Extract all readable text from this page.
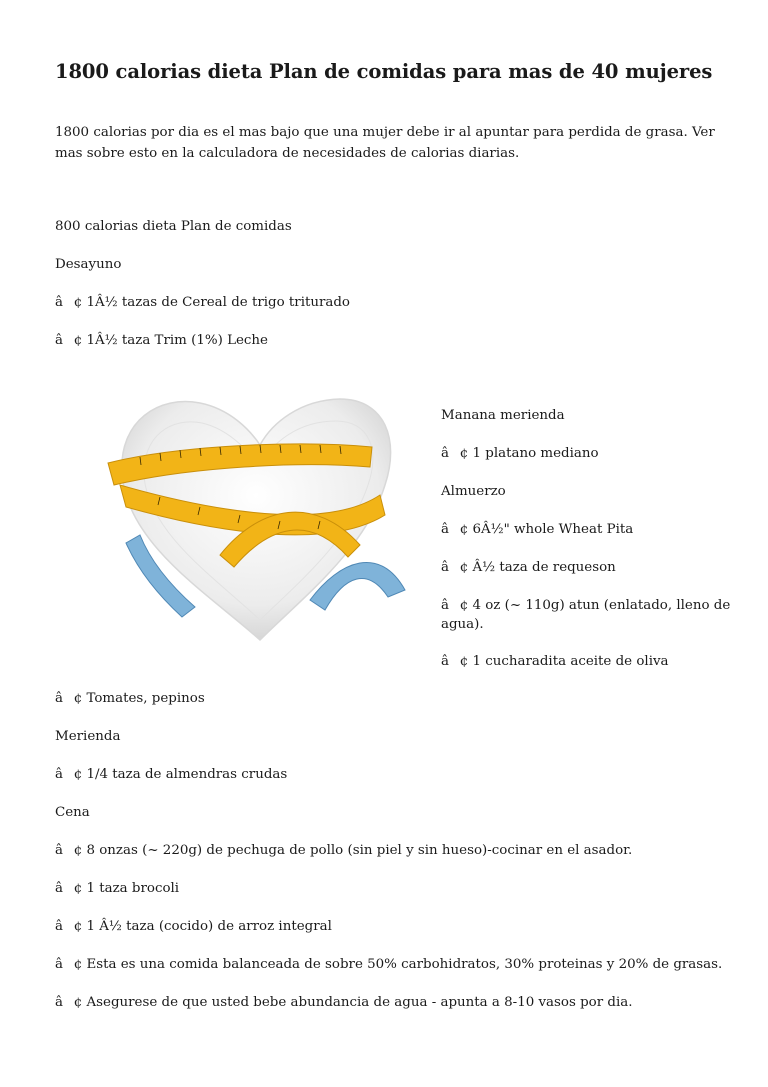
1800 calorias dieta Plan de comidas para mas de 40 mujeres

1800 calorias por dia es el mas bajo que una mujer debe ir al apuntar para perdida de grasa. Ver mas sobre esto en la calculadora de necesidades de calorias diarias.

800 calorias dieta Plan de comidas

Desayuno

â¢ 1Â½ tazas de Cereal de trigo triturado

â¢ 1Â½ taza Trim (1%) Leche

Manana merienda

â¢ 1 platano mediano

Almuerzo

â¢ 6Â½" whole Wheat Pita

â¢ Â½ taza de requeson

â¢ 4 oz (~ 110g) atun (enlatado, lleno de agua).

â¢ 1 cucharadita aceite de oliva

â¢ Tomates, pepinos

Merienda

â¢ 1/4 taza de almendras crudas

Cena

â¢ 8 onzas (~ 220g) de pechuga de pollo (sin piel y sin hueso)-cocinar en el asador.

â¢ 1 taza brocoli

â¢ 1 Â½ taza (cocido) de arroz integral

â¢ Esta es una comida balanceada de sobre 50% carbohidratos, 30% proteinas y 20% de grasas.

â¢ Asegurese de que usted bebe abundancia de agua - apunta a 8-10 vasos por dia.
